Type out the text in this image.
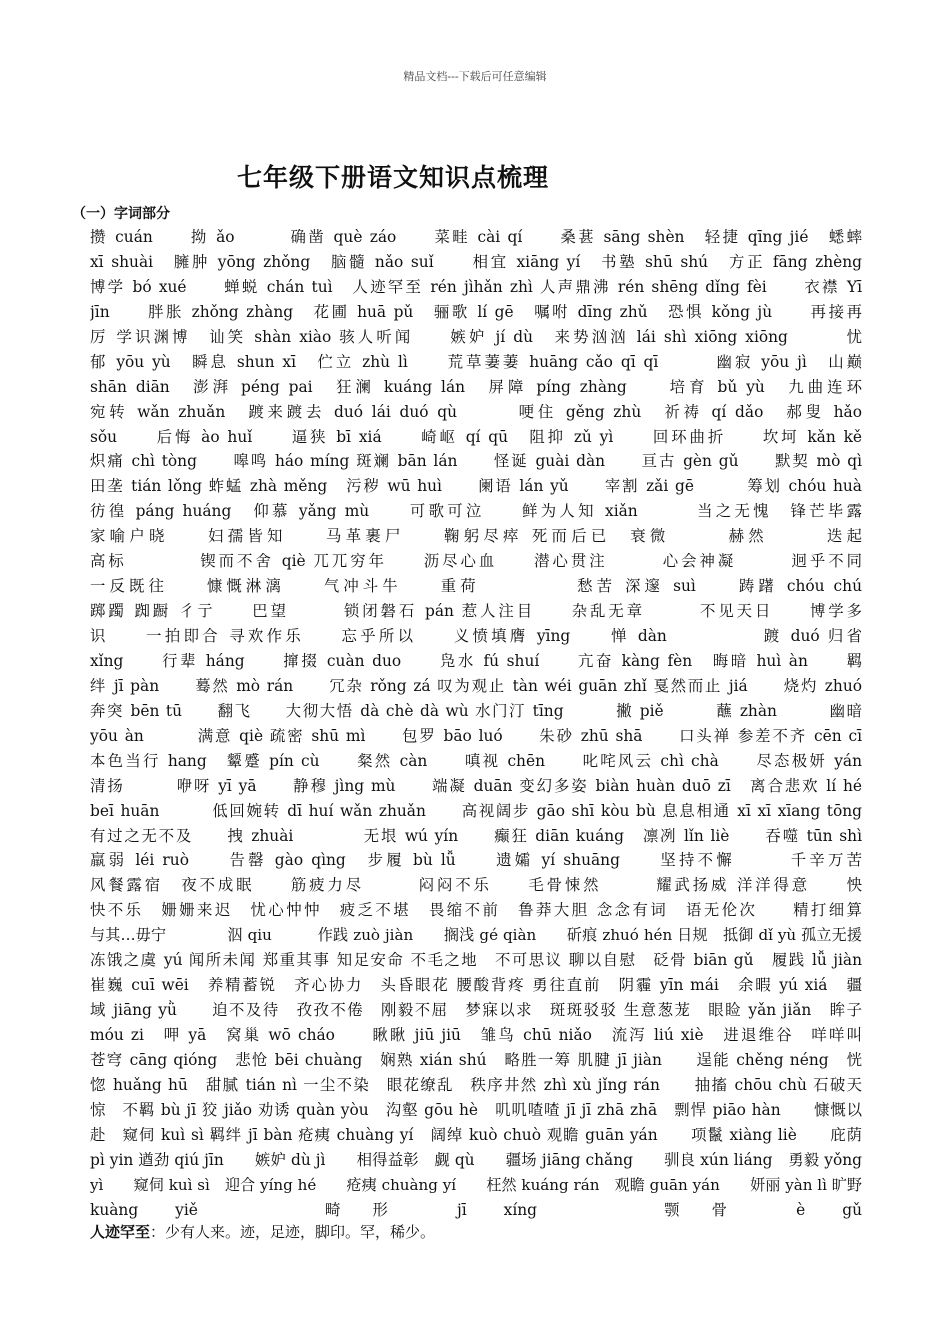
精品文档---下载后可任意编辑
七年级下册语文知识点梳理
（一）字词部分
攒 cuán　　拗 ǎo　　　确凿 què záo　　菜畦 cài qí　　桑葚 sāng shèn　轻捷 qīng jié　蟋蟀
xī shuài　臃肿 yōng zhǒng　脑髓 nǎo suǐ　　相宜 xiāng yí　书塾 shū shú　方正 fāng zhèng
博学 bó xué　　蝉蜕 chán tuì　人迹罕至 rén jìhǎn zhì 人声鼎沸 rén shēng dǐng fèi　　衣襟 Yī
jīn　　胖胀 zhǒng zhàng　花圃 huā pǔ　骊歌 lí gē　嘱咐 dīng zhǔ　恐惧 kǒng jù　　再接再
厉 学识渊博　讪笑 shàn xiào 骇人听闻　　嫉妒 jí dù　来势汹汹 lái shì xiōng xiōng　　　忧
郁 yōu yù　瞬息 shun xī　伫立 zhù lì　　荒草萋萋 huāng cǎo qī qī　　　幽寂 yōu jì　山巅
shān diān　澎湃 péng pai　狂澜 kuáng lán　屏障 píng zhàng　　培育 bǔ yù　九曲连环
宛转 wǎn zhuǎn　踱来踱去 duó lái duó qù　　　哽住 gěng zhù　祈祷 qí dǎo　郝叟 hǎo
sǒu　　后悔 ào huǐ　　逼狭 bī xiá　　崎岖 qí qū　阻抑 zǔ yì　　回环曲折　　坎坷 kǎn kě
炽痛 chì tòng　　嗥鸣 háo míng 斑斓 bān lán　　怪诞 guài dàn　　亘古 gèn gǔ　　默契 mò qì
田垄 tián lǒng 蚱蜢 zhà měng　污秽 wū huì　　阑语 lán yǔ　　宰割 zǎi gē　　　筹划 chóu huà
彷徨 páng huáng　仰慕 yǎng mù　　可歌可泣　　鲜为人知 xiǎn　　　当之无愧　锋芒毕露
家喻户晓　　妇孺皆知　　马革裹尸　　鞠躬尽瘁 死而后已　衰微　　　赫然　　　迭起
高标　　　　锲而不舍 qiè 兀兀穷年　　沥尽心血　　潜心贯注　　　心会神凝　　　迥乎不同
一反既往　　慷慨淋漓　　气冲斗牛　　重荷　　　　　愁苦 深邃 suì　　踌躇 chóu chú
踯躅 踟蹰 彳亍　　巴望　　　锁闭磐石 pán 惹人注目　　杂乱无章　　　不见天日　　博学多
识　　一拍即合 寻欢作乐　　忘乎所以　　义愤填膺 yīng　　惮 dàn　　　　　踱 duó 归省
xǐng　　行辈 háng　　撺掇 cuàn duo　　凫水 fú shuí　　亢奋 kàng fèn　晦暗 huì àn　　羁
绊 jī pàn　　蓦然 mò rán　　冗杂 rǒng zá 叹为观止 tàn wéi guān zhǐ 戛然而止 jiá　　烧灼 zhuó
奔突 bēn tū　　翻飞　　大彻大悟 dà chè dà wù 水门汀 tīng　　　撇 piě　　　蘸 zhàn　　　幽暗
yōu àn　　　满意 qiè 疏密 shū mì　　包罗 bāo luó　　朱砂 zhū shā　　口头禅 参差不齐 cēn cī
本色当行 hang　颦蹙 pín cù　　粲然 càn　　嗔视 chēn　　叱咤风云 chì chà　　尽态极妍 yán
清扬　　　咿呀 yī yā　　静穆 jìng mù　　端凝 duān 变幻多姿 biàn huàn duō zī　离合悲欢 lí hé
beī huān　　　低回婉转 dī huí wǎn zhuǎn　　高视阔步 gāo shī kòu bù 息息相通 xī xī xīang tōng
有过之无不及　　拽 zhuài　　　　无垠 wú yín　　癫狂 diān kuáng　凛冽 lǐn liè　　吞噬 tūn shì
羸弱 léi ruò　　告罄 gào qìng　步履 bù lǚ　　遗孀 yí shuāng　　坚持不懈　　　千辛万苦
风餐露宿　夜不成眠　　筋疲力尽　　　闷闷不乐　　毛骨悚然　　　耀武扬威 洋洋得意　　怏
快不乐　姗姗来迟　忧心忡忡　疲乏不堪　畏缩不前　鲁莽大胆 念念有词　语无伦次　　精打细算
与其…毋宁　　　　泅 qiu　　　作践 zuò jiàn　　搁浅 gé qiàn　　斫痕 zhuó hén 日规　抵御 dǐ yù 孤立无援
冻饿之虞 yú 闻所未闻 郑重其事 知足安命 不毛之地　不可思议 聊以自慰　砭骨 biān gǔ　履践 lǚ jiàn
崔巍 cuī wēi　养精蓄锐　齐心协力　头昏眼花 腰酸背疼 勇往直前　阴霾 yīn mái　余暇 yú xiá　疆
域 jiāng yǜ　　迫不及待　孜孜不倦　刚毅不屈　梦寐以求　斑斑驳驳 生意葱茏　眼睑 yǎn jiǎn　眸子
móu zi　呷 yā　窝巢 wō cháo　　瞅瞅 jiū jiū　雏鸟 chū niǎo　流泻 liú xiè　进退维谷　咩咩叫
苍穹 cāng qióng　悲怆 bēi chuàng　娴熟 xián shú　略胜一筹 肌腱 jī jiàn　　逞能 chěng néng　恍
惚 huǎng hū　甜腻 tián nì 一尘不染　眼花缭乱　秩序井然 zhì xù jǐng rán　　抽搐 chōu chù 石破天
惊　不羁 bù jī 狡 jiǎo 劝诱 quàn yòu　沟壑 gōu hè　叽叽喳喳 jī jī zhā zhā　剽悍 piāo hàn　　慷慨以
赴　窥伺 kuì sì 羁绊 jī bàn 疮痍 chuàng yí　阔绰 kuò chuò 观瞻 guān yán　　项鬣 xiàng liè　　庇荫
pì yin 遒劲 qiú jīn　　嫉妒 dù jì　　相得益彰　觑 qù　　疆场 jiāng chǎng　　驯良 xún liáng　勇毅 yǒng
yì　　窥伺 kuì sì　迎合 yíng hé　　疮痍 chuàng yí　　枉然 kuáng rán　观瞻 guān yán　　妍丽 yàn lì 旷野
kuàng yiě　　畸形 jī xíng　　颚骨 è gǔ
人迹罕至：少有人来。迹，足迹，脚印。罕，稀少。
